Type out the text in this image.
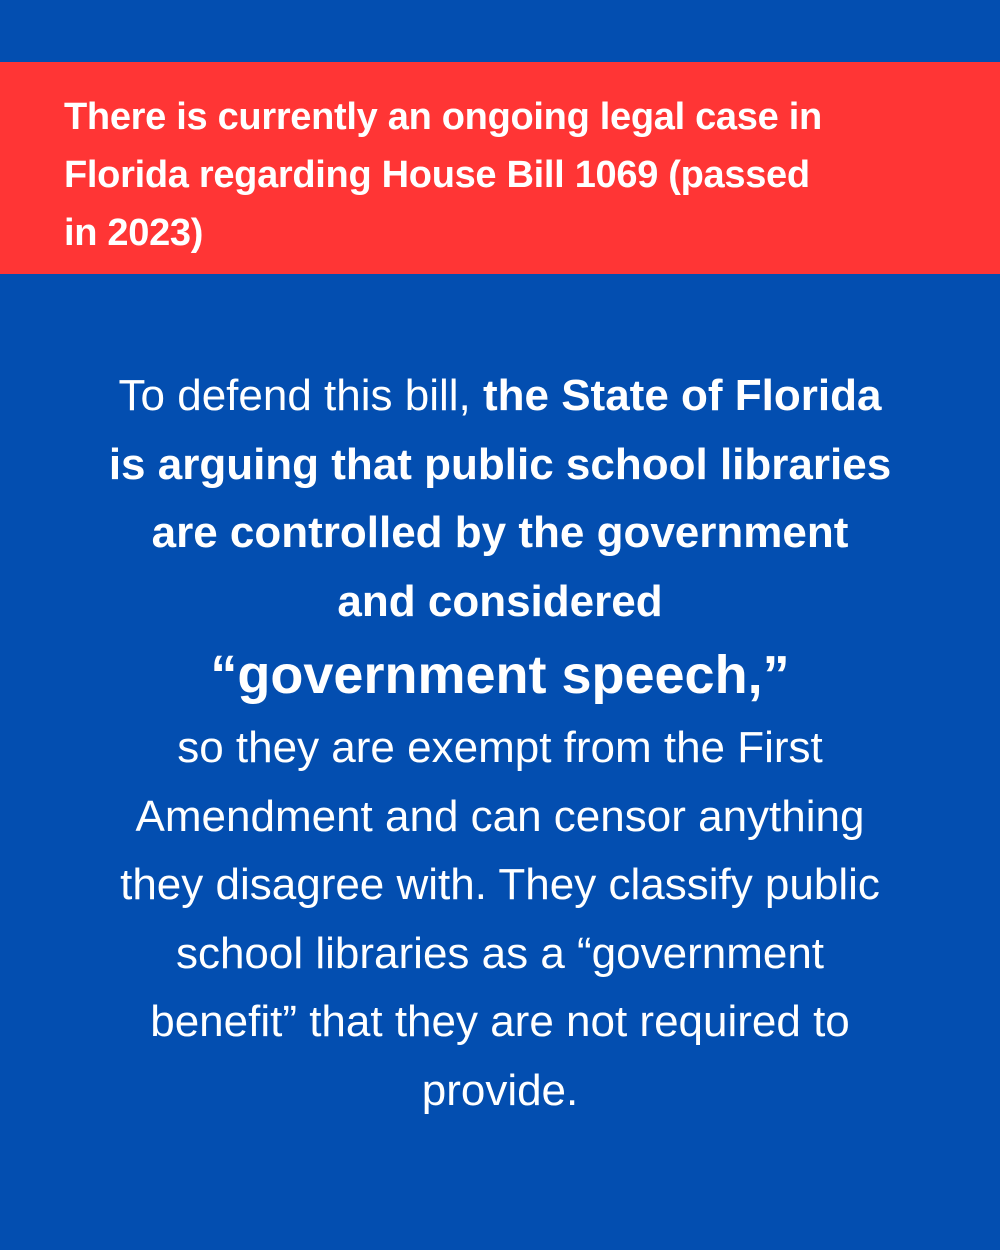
There is currently an ongoing legal case in
Florida regarding House Bill 1069 (passed
in 2023)

To defend this bill, the State of Florida
is arguing that public school libraries
are controlled by the government
and considered
“government speech,”
so they are exempt from the First
Amendment and can censor anything
they disagree with. They classify public
school libraries as a “government
benefit” that they are not required to
provide.
